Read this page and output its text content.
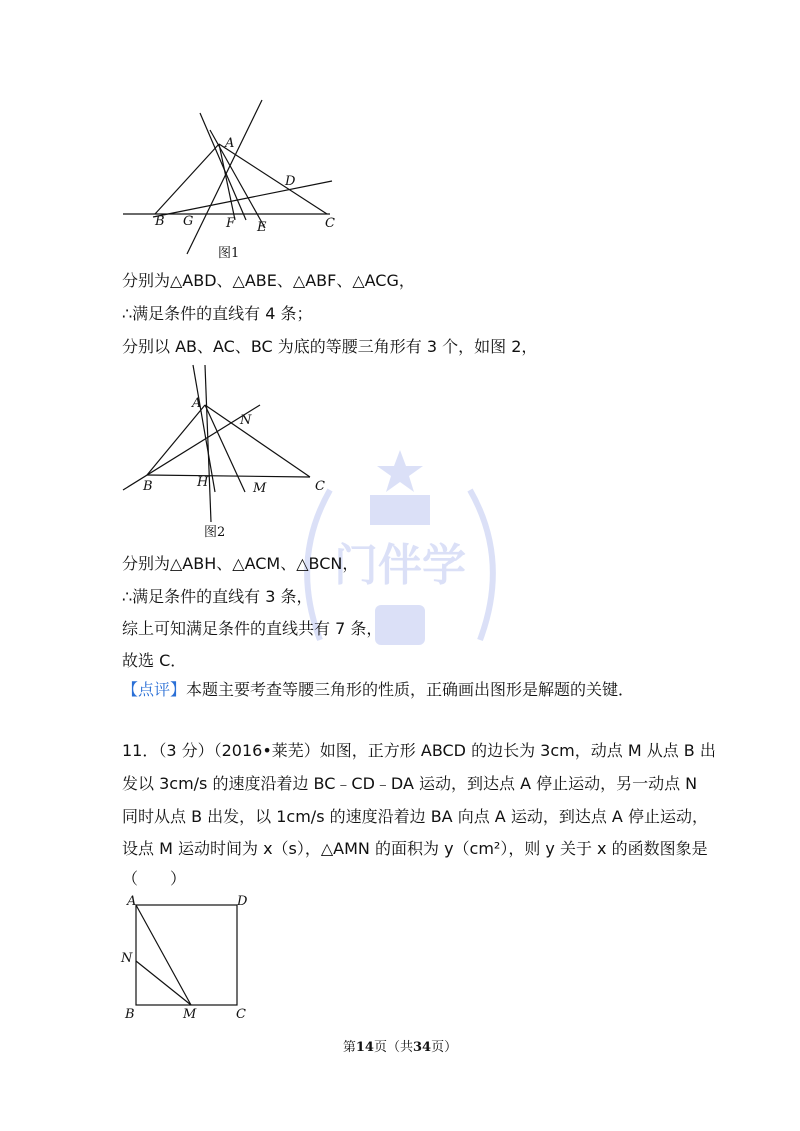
门伴学
A
B G	F E	C
D
图1
分别为△ABD、△ABE、△ABF、△ACG，
∴满足条件的直线有 4 条；
分别以 AB、AC、BC 为底的等腰三角形有 3 个，如图 2，
A
N
B	H	M	C
图2
分别为△ABH、△ACM、△BCN，
∴满足条件的直线有 3 条，
综上可知满足条件的直线共有 7 条，
故选 C．
【点评】本题主要考查等腰三角形的性质，正确画出图形是解题的关键．
11．（3 分）（2016•莱芜）如图，正方形 ABCD 的边长为 3cm，动点 M 从点 B 出
发以 3cm/s 的速度沿着边 BC﹣CD﹣DA 运动，到达点 A 停止运动，另一动点 N
同时从点 B 出发，以 1cm/s 的速度沿着边 BA 向点 A 运动，到达点 A 停止运动，
设点 M 运动时间为 x（s），△AMN 的面积为 y（cm²），则 y 关于 x 的函数图象是
（　　）
A	D
N
B	M	C
第14页（共34页）
